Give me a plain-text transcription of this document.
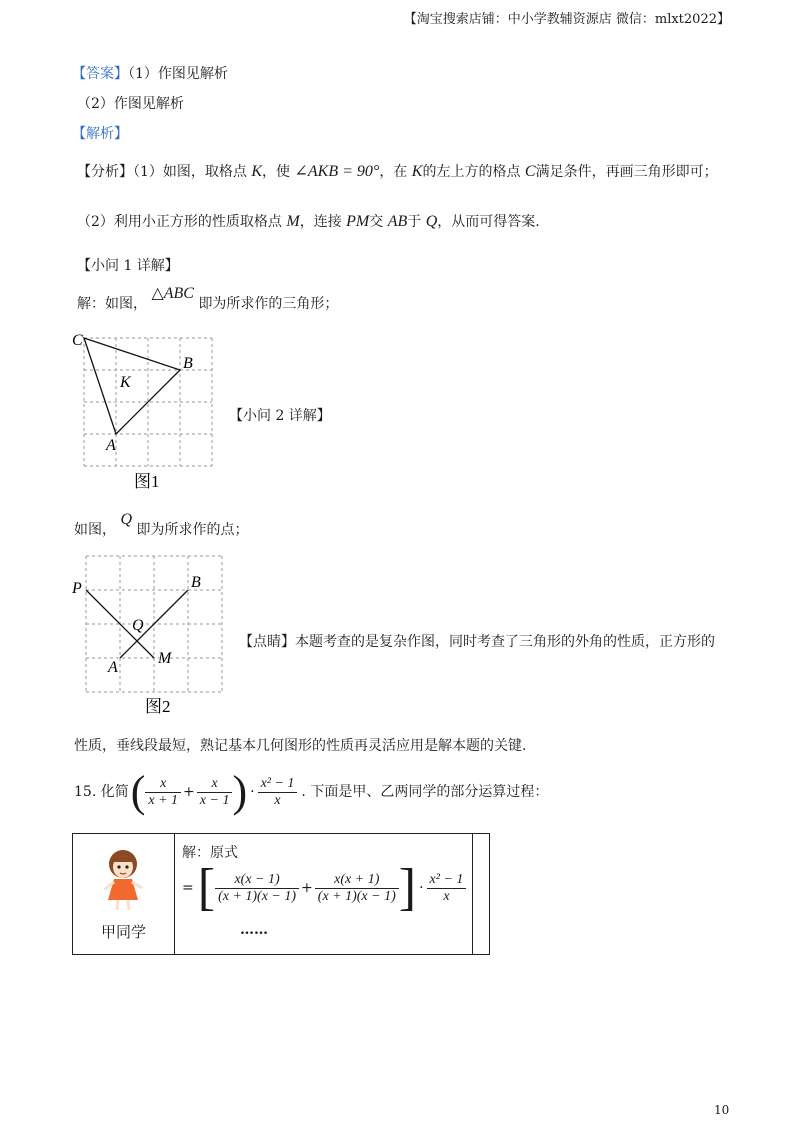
【淘宝搜索店铺：中小学教辅资源店 微信：mlxt2022】
【答案】（1）作图见解析
（2）作图见解析
【解析】
【分析】（1）如图，取格点 K，使 ∠AKB = 90°，在 K的左上方的格点 C满足条件，再画三角形即可；
（2）利用小正方形的性质取格点 M，连接 PM交 AB于 Q，从而可得答案.
【小问 1 详解】
解：如图， △ABC 即为所求作的三角形；
C
B
K
A
图1
【小问 2 详解】
如图， Q 即为所求作的点；
P	B
Q
M
A
图2
【点睛】本题考查的是复杂作图，同时考查了三角形的外角的性质，正方形的
性质，垂线段最短，熟记基本几何图形的性质再灵活应用是解本题的关键.
15. 化简 ( $\frac{x}{x + 1} + \frac{x}{x - 1}$ ) · $\frac{\text{x² − 1}}{x}$ . 下面是甲、乙两同学的部分运算过程：
甲同学
解：原式
= [ $\frac{x(x - 1)}{(x + 1)(x - 1)} + \frac{x(x + 1)}{(x + 1)(x - 1)}$ ] · $\frac{\text{x² − 1}}{x}$
……
10
